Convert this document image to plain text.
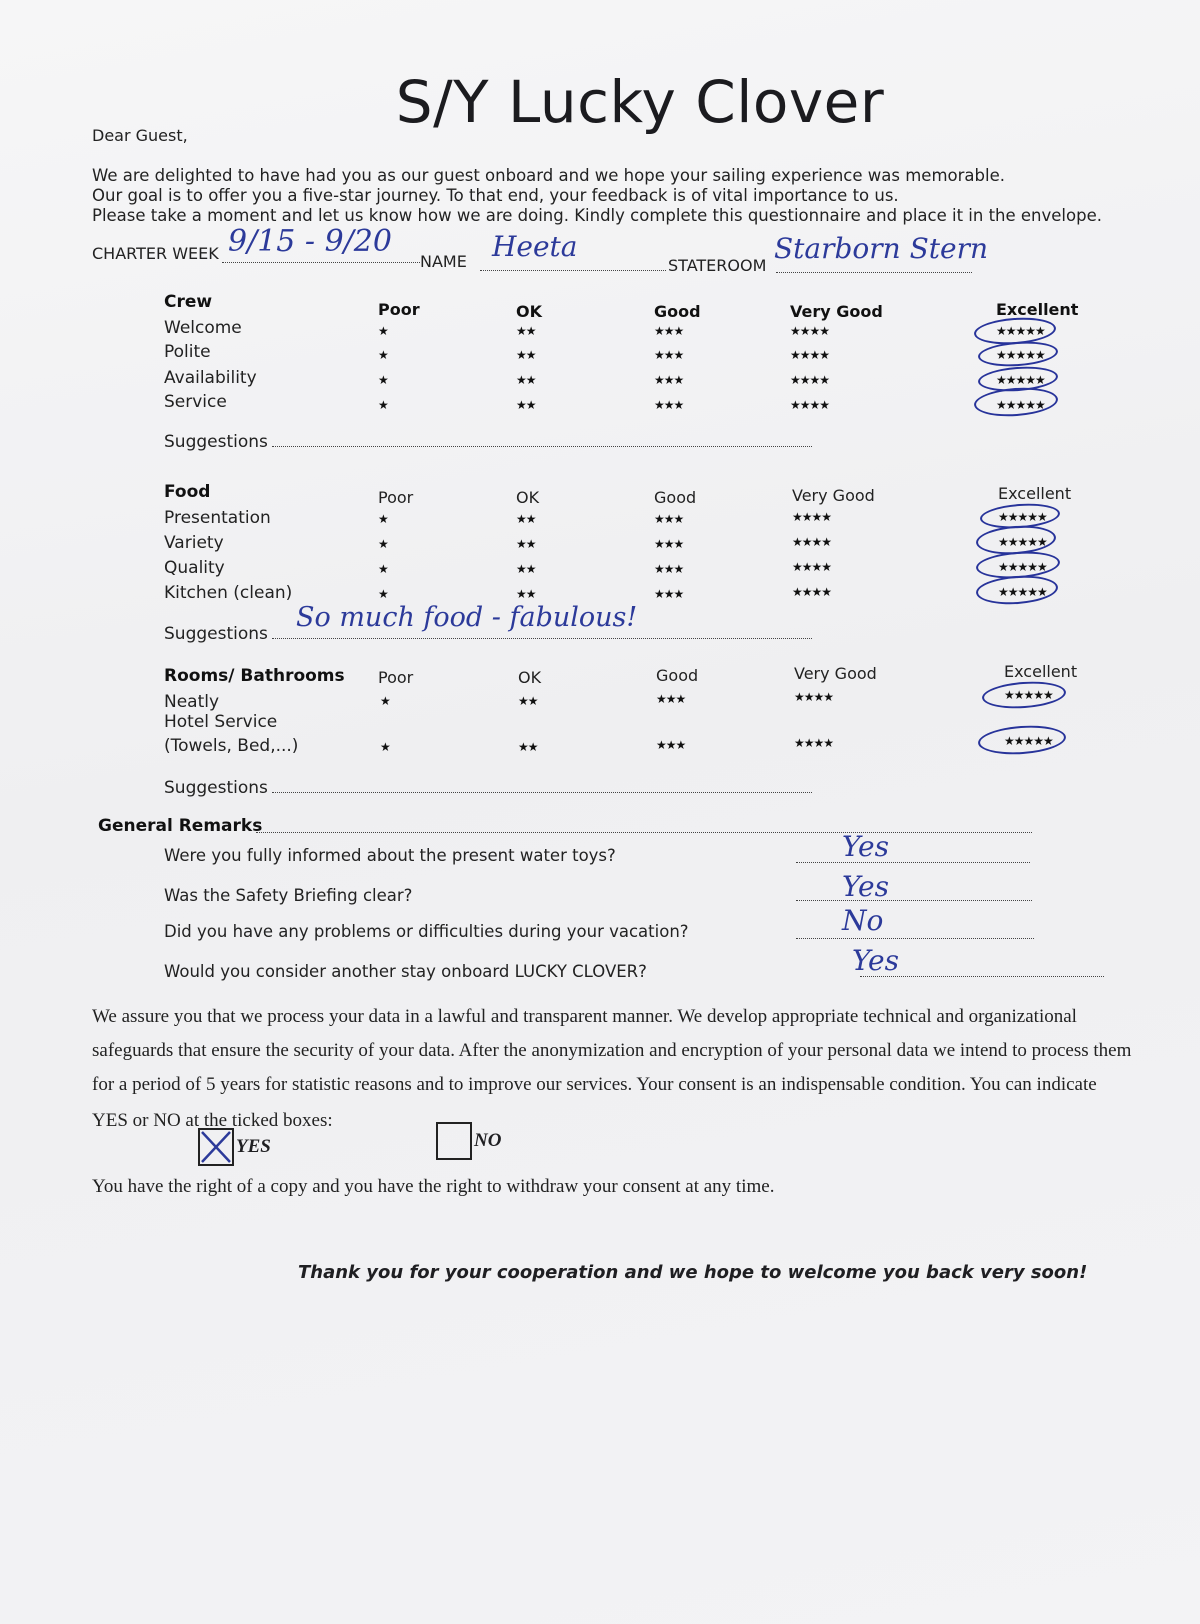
S/Y Lucky Clover
Dear Guest,
We are delighted to have had you as our guest onboard and we hope your sailing experience was memorable.
Our goal is to offer you a five-star journey. To that end, your feedback is of vital importance to us.
Please take a moment and let us know how we are doing. Kindly complete this questionnaire and place it in the envelope.
CHARTER WEEK 9/15 - 9/20
NAME Heeta
STATEROOM
Starborn Stern
Crew	Poor	OK	Good	Very Good	Excellent
Welcome	★	★★	★★★	★★★★	★★★★★
Polite	★	★★	★★★	★★★★	★★★★★
Availability	★	★★	★★★	★★★★	★★★★★
Service	★	★★	★★★	★★★★	★★★★★
Suggestions
Food	Poor	OK	Good	Very Good	Excellent
Presentation	★	★★	★★★	★★★★	★★★★★
Variety	★	★★	★★★	★★★★	★★★★★
Quality	★	★★	★★★	★★★★	★★★★★
Kitchen (clean)	★	★★	★★★	★★★★	★★★★★
Suggestions
So much food - fabulous!
Rooms/ Bathrooms Poor	OK	Good	Very Good	Excellent
Neatly	★	★★	★★★	★★★★	★★★★★
Hotel Service
(Towels, Bed,...)	★	★★	★★★	★★★★	★★★★★
Suggestions
General Remarks
Were you fully informed about the present water toys?	Yes
Was the Safety Briefing clear?	Yes
Did you have any problems or difficulties during your vacation?	No
Would you consider another stay onboard LUCKY CLOVER?	Yes
We assure you that we process your data in a lawful and transparent manner. We develop appropriate technical and organizational
safeguards that ensure the security of your data. After the anonymization and encryption of your personal data we intend to process them
for a period of 5 years for statistic reasons and to improve our services. Your consent is an indispensable condition. You can indicate
YES or NO at the ticked boxes:
YES	NO
You have the right of a copy and you have the right to withdraw your consent at any time.
Thank you for your cooperation and we hope to welcome you back very soon!
